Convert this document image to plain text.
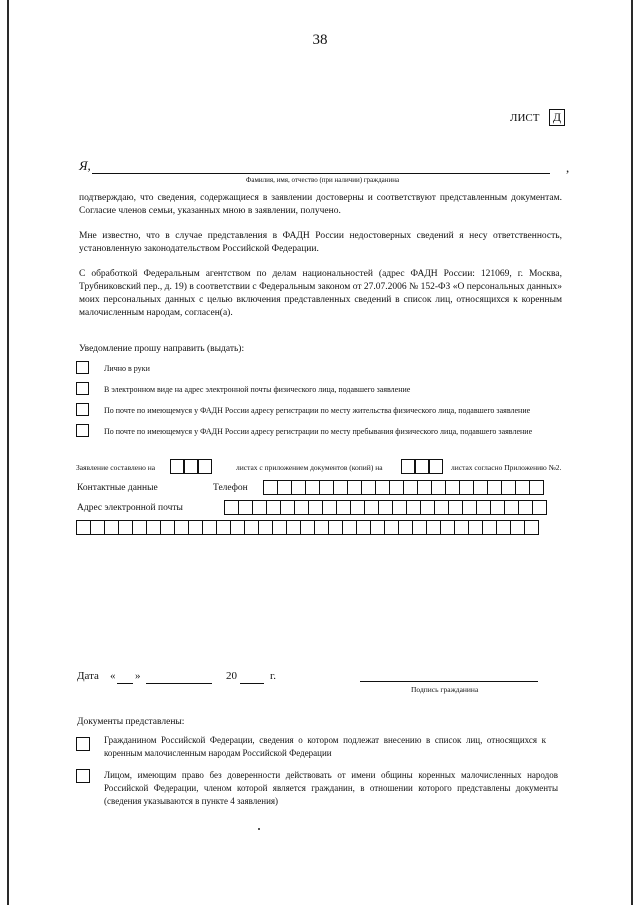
38
ЛИСТ	Д
Я,	,
Фамилия, имя, отчество (при наличии) гражданина
подтверждаю, что сведения, содержащиеся в заявлении достоверны и соответствуют представленным документам. Согласие членов семьи, указанных мною в заявлении, получено.
Мне известно, что в случае представления в ФАДН России недостоверных сведений я несу ответственность, установленную законодательством Российской Федерации.
С обработкой Федеральным агентством по делам национальностей (адрес ФАДН России: 121069, г. Москва, Трубниковский пер., д. 19) в соответствии с Федеральным законом от 27.07.2006 № 152-ФЗ «О персональных данных» моих персональных данных с целью включения представленных сведений в список лиц, относящихся к коренным малочисленным народам, согласен(а).
Уведомление прошу направить (выдать):
Лично в руки
В электронном виде на адрес электронной почты физического лица, подавшего заявление
По почте по имеющемуся у ФАДН России адресу регистрации по месту жительства физического лица, подавшего заявление
По почте по имеющемуся у ФАДН России адресу регистрации по месту пребывания физического лица, подавшего заявление
Заявление составлено на	листах с приложением документов (копий) на	листах согласно Приложению №2.
Контактные данные	Телефон
Адрес электронной почты
Дата « »	20	г.
Подпись гражданина
Документы представлены:
Гражданином Российской Федерации, сведения о котором подлежат внесению в список лиц, относящихся к коренным малочисленным народам Российской Федерации
Лицом, имеющим право без доверенности действовать от имени общины коренных малочисленных народов Российской Федерации, членом которой является гражданин, в отношении которого представлены документы (сведения указываются в пункте 4 заявления)
